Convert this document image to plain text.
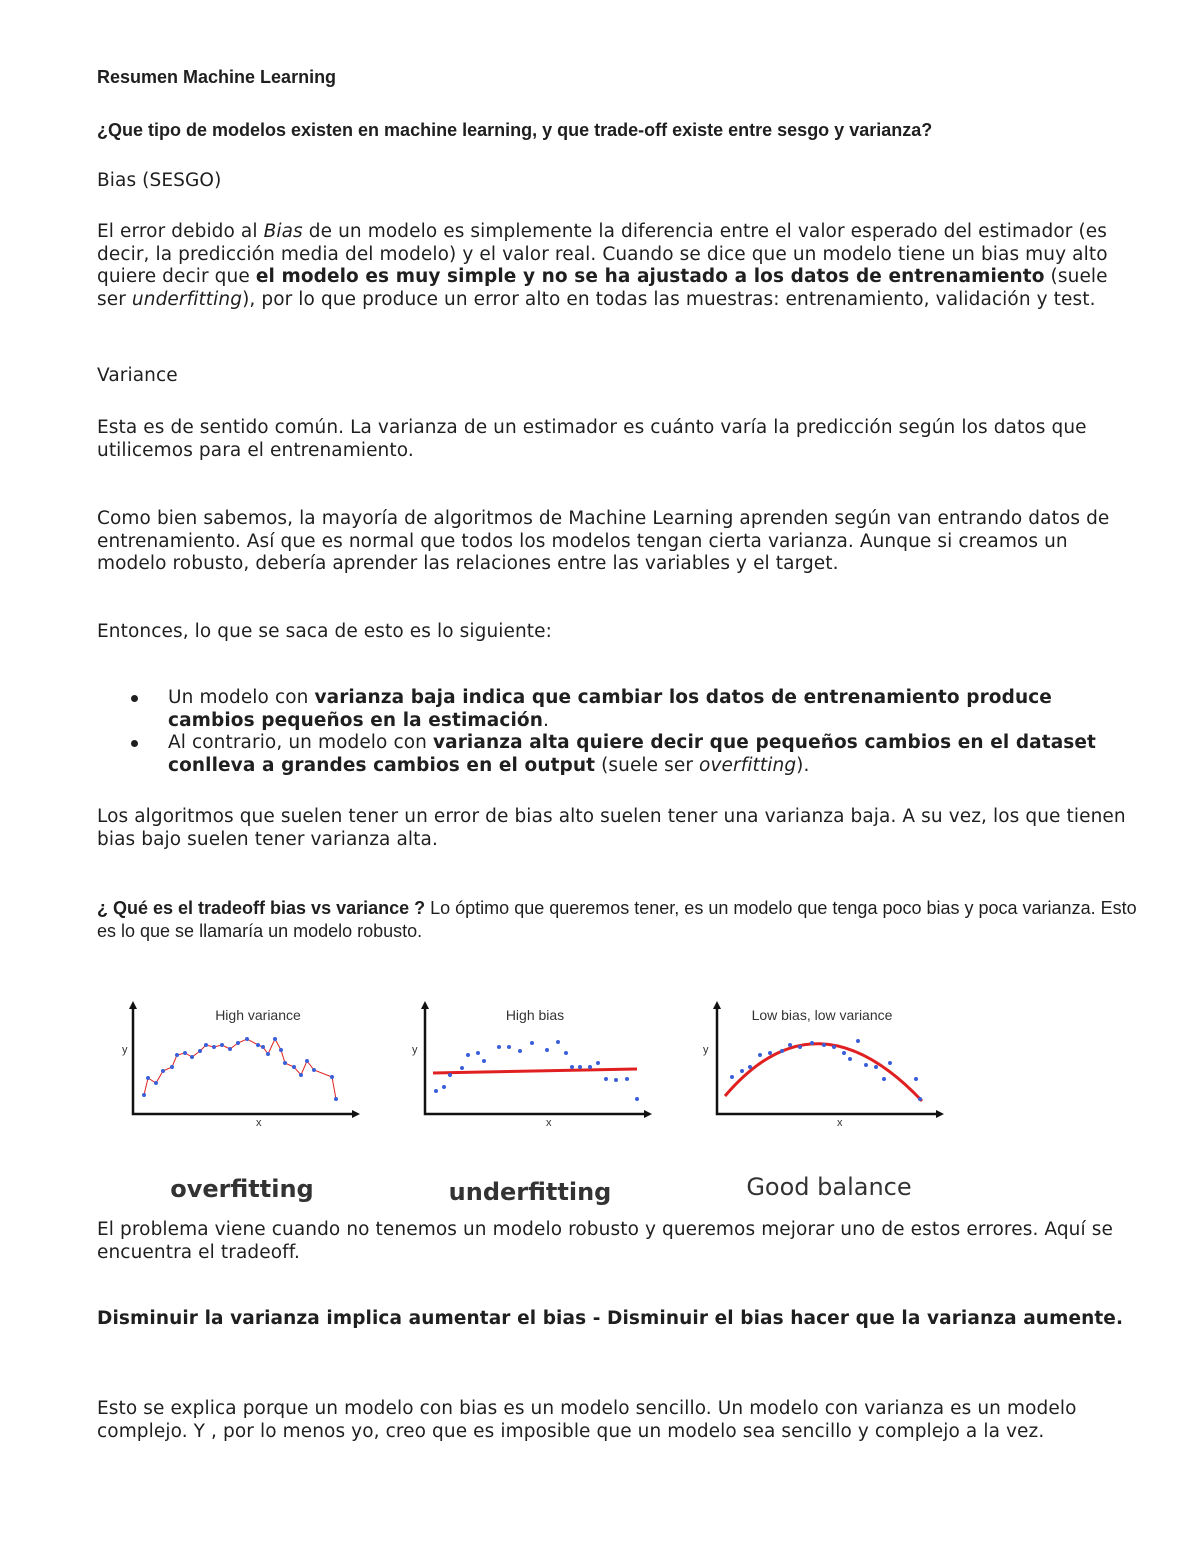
Resumen Machine Learning

¿Que tipo de modelos existen en machine learning, y que trade-off existe entre sesgo y varianza?

Bias (SESGO)

El error debido al Bias de un modelo es simplemente la diferencia entre el valor esperado del estimador (es decir, la predicción media del modelo) y el valor real. Cuando se dice que un modelo tiene un bias muy alto quiere decir que el modelo es muy simple y no se ha ajustado a los datos de entrenamiento (suele ser underfitting), por lo que produce un error alto en todas las muestras: entrenamiento, validación y test.

Variance

Esta es de sentido común. La varianza de un estimador es cuánto varía la predicción según los datos que utilicemos para el entrenamiento.

Como bien sabemos, la mayoría de algoritmos de Machine Learning aprenden según van entrando datos de entrenamiento. Así que es normal que todos los modelos tengan cierta varianza. Aunque si creamos un modelo robusto, debería aprender las relaciones entre las variables y el target.

Entonces, lo que se saca de esto es lo siguiente:

Un modelo con varianza baja indica que cambiar los datos de entrenamiento produce cambios pequeños en la estimación.
Al contrario, un modelo con varianza alta quiere decir que pequeños cambios en el dataset conlleva a grandes cambios en el output (suele ser overfitting).

Los algoritmos que suelen tener un error de bias alto suelen tener una varianza baja. A su vez, los que tienen bias bajo suelen tener varianza alta.

¿ Qué es el tradeoff bias vs variance ? Lo óptimo que queremos tener, es un modelo que tenga poco bias y poca varianza. Esto es lo que se llamaría un modelo robusto.

High variance
y
x
overfitting
High bias
y
x
underfitting
Low bias, low variance
y
x
Good balance

El problema viene cuando no tenemos un modelo robusto y queremos mejorar uno de estos errores. Aquí se encuentra el tradeoff.

Disminuir la varianza implica aumentar el bias - Disminuir el bias hacer que la varianza aumente.

Esto se explica porque un modelo con bias es un modelo sencillo. Un modelo con varianza es un modelo complejo. Y , por lo menos yo, creo que es imposible que un modelo sea sencillo y complejo a la vez.
